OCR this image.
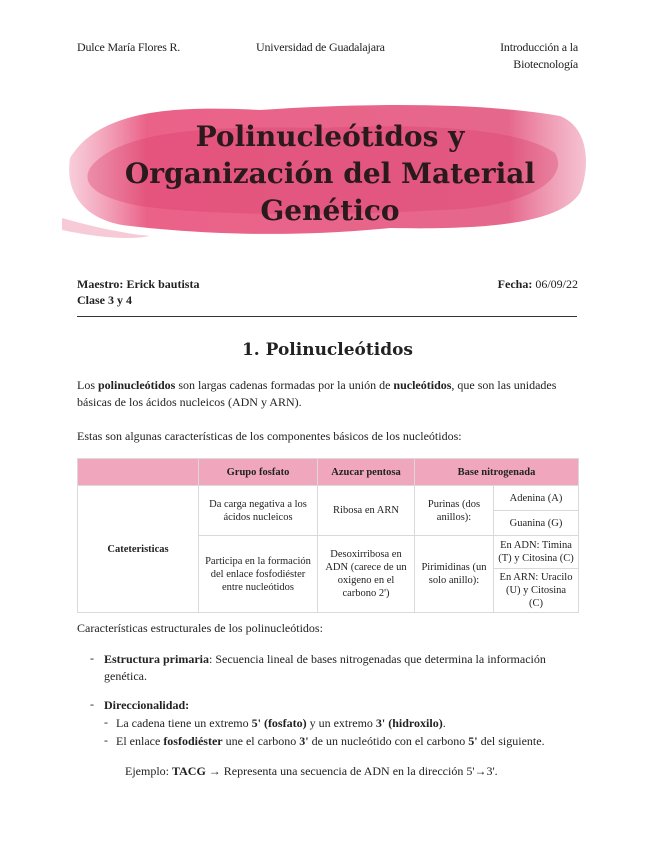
Dulce María Flores R.	Universidad de Guadalajara	Introducción a la
Biotecnología
Polinucleótidos y
Organización del Material
Genético
Maestro: Erick bautista
Clase 3 y 4
Fecha: 06/09/22
1. Polinucleótidos
Los polinucleótidos son largas cadenas formadas por la unión de nucleótidos, que son las unidades básicas de los ácidos nucleicos (ADN y ARN).
Estas son algunas características de los componentes básicos de los nucleótidos:
	Grupo fosfato	Azucar pentosa	Base nitrogenada	
Cateteristicas	Da carga negativa a los ácidos nucleicos	Ribosa en ARN	Purinas (dos anillos):	Adenina (A)
				Guanina (G)
	Participa en la formación del enlace fosfodiéster entre nucleótidos	Desoxirribosa en ADN (carece de un oxigeno en el carbono 2')	Pirimidinas (un solo anillo):	En ADN: Timina (T) y Citosina (C)
				En ARN: Uracilo (U) y Citosina (C)
Características estructurales de los polinucleótidos:
- Estructura primaria: Secuencia lineal de bases nitrogenadas que determina la información genética.
- Direccionalidad:
- La cadena tiene un extremo 5' (fosfato) y un extremo 3' (hidroxilo).
- El enlace fosfodiéster une el carbono 3' de un nucleótido con el carbono 5' del siguiente.
Ejemplo: TACG → Representa una secuencia de ADN en la dirección 5'→3'.
